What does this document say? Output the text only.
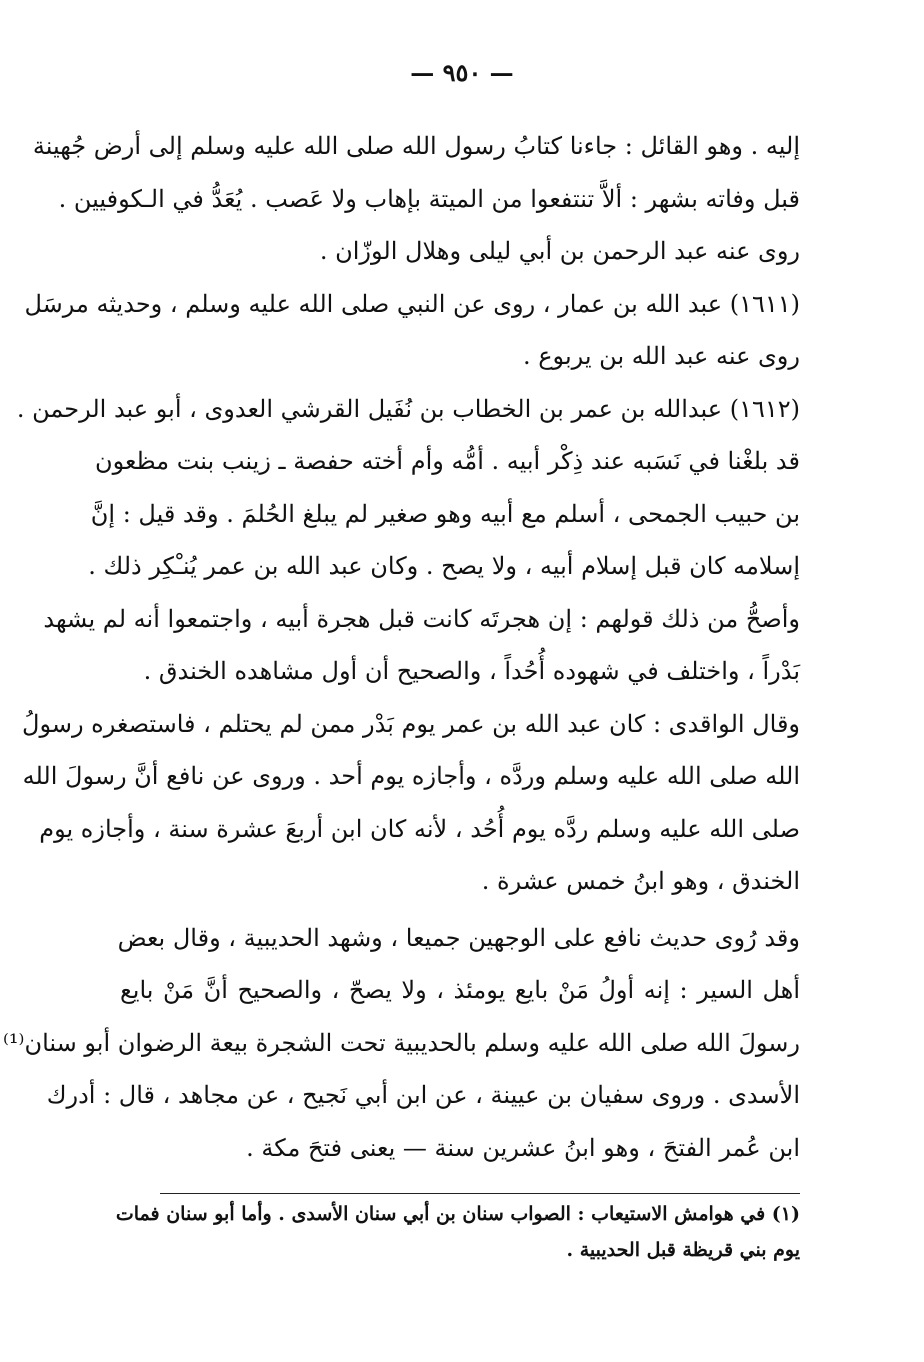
— ٩٥٠ —
إليه . وهو القائل : جاءنا كتابُ رسول الله صلى الله عليه وسلم إلى أرض جُهينة
قبل وفاته بشهر : ألاَّ تنتفعوا من الميتة بإهاب ولا عَصب . يُعَدُّ في الـكوفيين .
روى عنه عبد الرحمن بن أبي ليلى وهلال الوزّان .
(١٦١١) عبد الله بن عمار ، روى عن النبي صلى الله عليه وسلم ، وحديثه مرسَل
روى عنه عبد الله بن يربوع .
(١٦١٢) عبدالله بن عمر بن الخطاب بن نُفَيل القرشي العدوى ، أبو عبد الرحمن .
قد بلغْنا في نَسَبه عند ذِكْر أبيه . أمُّه وأم أخته حفصة ـ زينب بنت مظعون
بن حبيب الجمحى ، أسلم مع أبيه وهو صغير لم يبلغ الحُلمَ . وقد قيل : إنَّ
إسلامه كان قبل إسلام أبيه ، ولا يصح . وكان عبد الله بن عمر يُنـْكِر ذلك .
وأصحُّ من ذلك قولهم : إن هجرتَه كانت قبل هجرة أبيه ، واجتمعوا أنه لم يشهد
بَدْراً ، واختلف في شهوده أُحُداً ، والصحيح أن أول مشاهده الخندق .
وقال الواقدى : كان عبد الله بن عمر يوم بَدْر ممن لم يحتلم ، فاستصغره رسولُ
الله صلى الله عليه وسلم وردَّه ، وأجازه يوم أحد . وروى عن نافع أنَّ رسولَ الله
صلى الله عليه وسلم ردَّه يوم أُحُد ، لأنه كان ابن أربعَ عشرة سنة ، وأجازه يوم
الخندق ، وهو ابنُ خمس عشرة .
وقد رُوى حديث نافع على الوجهين جميعا ، وشهد الحديبية ، وقال بعض
أهل السير : إنه أولُ مَنْ بايع يومئذ ، ولا يصحّ ، والصحيح أنَّ مَنْ بايع
رسولَ الله صلى الله عليه وسلم بالحديبية تحت الشجرة بيعة الرضوان أبو سنان⁽¹⁾
الأسدى . وروى سفيان بن عيينة ، عن ابن أبي نَجيح ، عن مجاهد ، قال : أدرك
ابن عُمر الفتحَ ، وهو ابنُ عشرين سنة — يعنى فتحَ مكة .
(١) في هوامش الاستيعاب : الصواب سنان بن أبي سنان الأسدى . وأما أبو سنان فمات
يوم بني قريظة قبل الحديبية .
